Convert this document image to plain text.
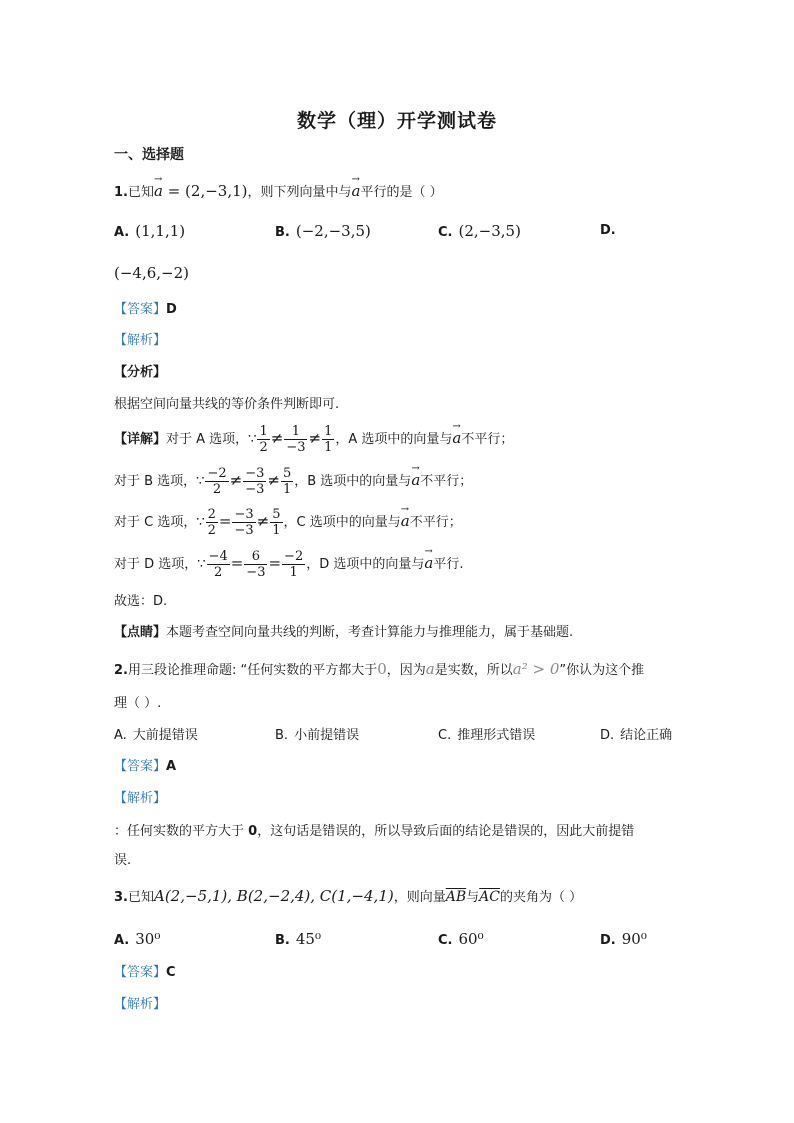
数学（理）开学测试卷
一、选择题
1.已知→ a = (2,−3,1)，则下列向量中与→ a平行的是（ ）
A. (1,1,1)	B. (−2,−3,5)	C. (2,−3,5)	D.
(−4,6,−2)
【答案】D
【解析】
【分析】
根据空间向量共线的等价条件判断即可.
【详解】对于 A 选项，∵ $\frac{1}{2} \ne \frac{1}{-3} \ne \frac{1}{1}$ ，A 选项中的向量与→ a不平行；
对于 B 选项，∵ $\frac{-2}{2} \ne \frac{-3}{-3} \ne \frac{5}{1}$ ，B 选项中的向量与→ a不平行；
对于 C 选项，∵ $\frac{2}{2} = \frac{-3}{-3} \ne \frac{5}{1}$ ，C 选项中的向量与→ a不平行；
对于 D 选项，∵ $\frac{-4}{2} = \frac{6}{-3} = \frac{-2}{1}$ ，D 选项中的向量与→ a平行.
故选：D.
【点睛】本题考查空间向量共线的判断，考查计算能力与推理能力，属于基础题.
2.用三段论推理命题: “任何实数的平方都大于0，因为a是实数，所以a² > 0”你认为这个推
理（ ）.
A. 大前提错误	B. 小前提错误	C. 推理形式错误	D. 结论正确
【答案】A
【解析】
：任何实数的平方大于 0，这句话是错误的，所以导致后面的结论是错误的，因此大前提错
误.
3.已知A(2,−5,1), B(2,−2,4), C(1,−4,1)，则向量$\overline{AB}$与$\overline{AC}$的夹角为（ ）
A. 30⁰	B. 45⁰	C. 60⁰	D. 90⁰
【答案】C
【解析】
